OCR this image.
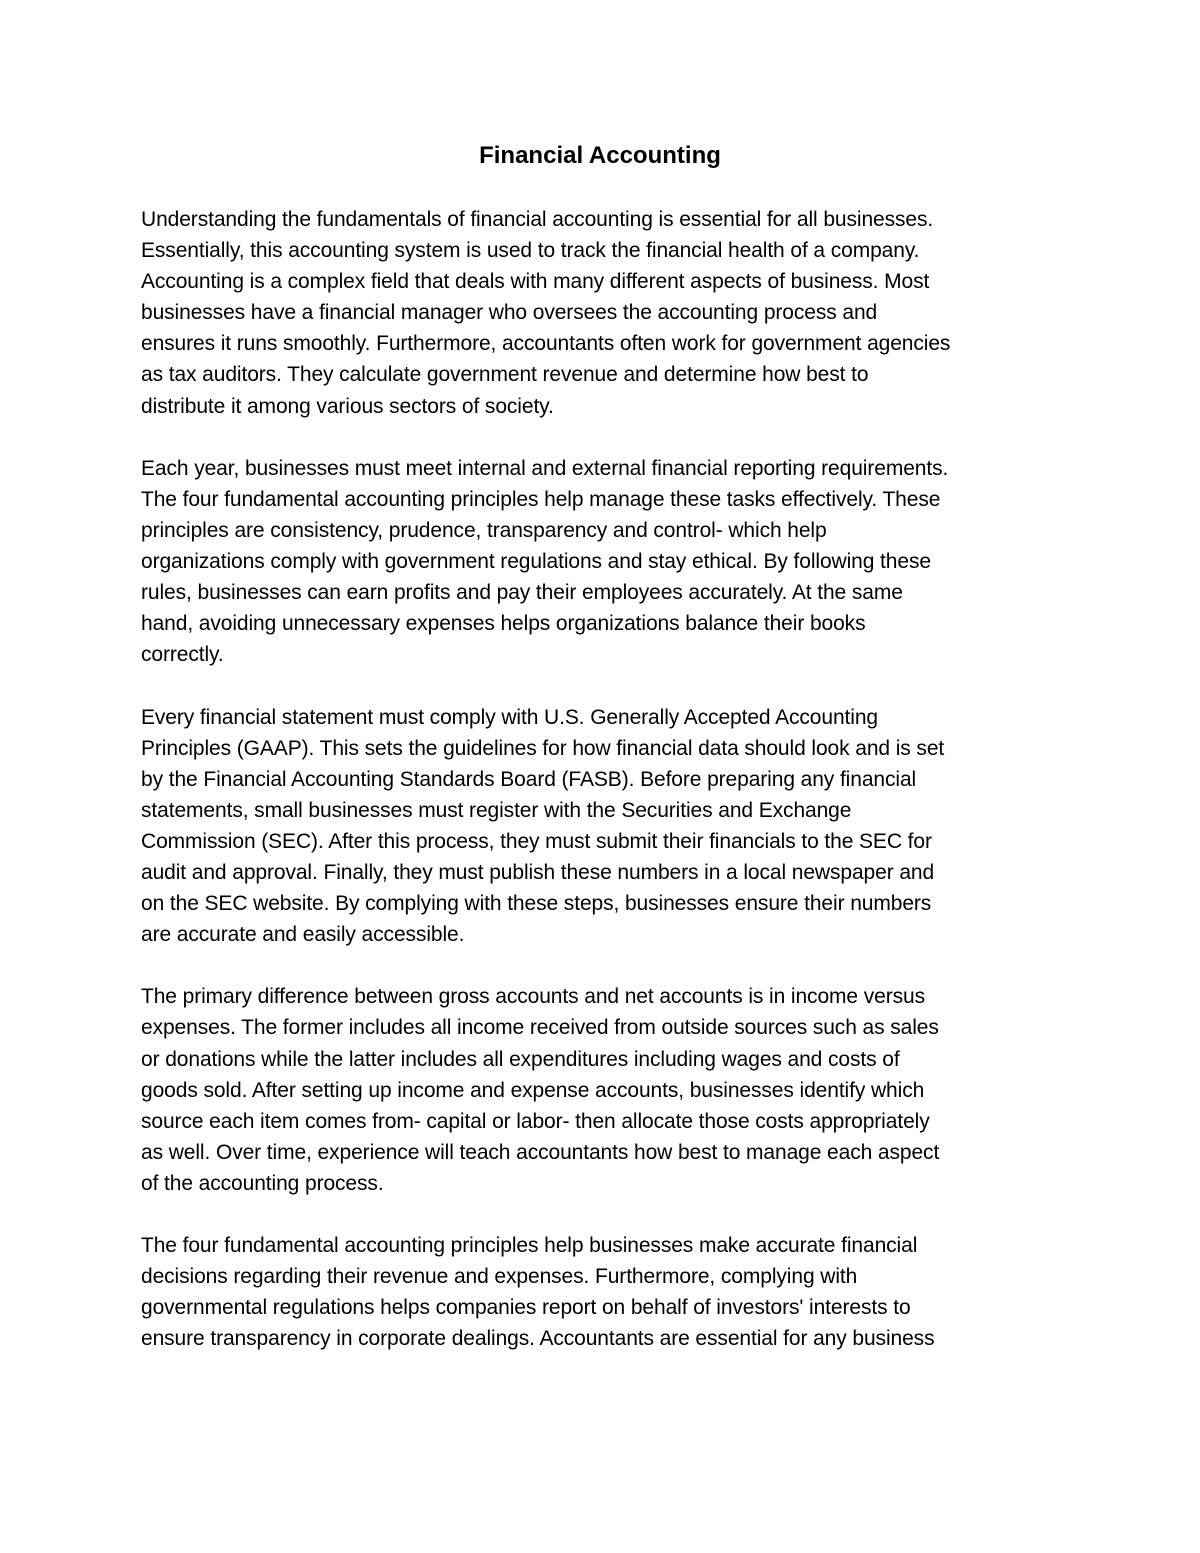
Financial Accounting

Understanding the fundamentals of financial accounting is essential for all businesses.
Essentially, this accounting system is used to track the financial health of a company.
Accounting is a complex field that deals with many different aspects of business. Most
businesses have a financial manager who oversees the accounting process and
ensures it runs smoothly. Furthermore, accountants often work for government agencies
as tax auditors. They calculate government revenue and determine how best to
distribute it among various sectors of society.

Each year, businesses must meet internal and external financial reporting requirements.
The four fundamental accounting principles help manage these tasks effectively. These
principles are consistency, prudence, transparency and control- which help
organizations comply with government regulations and stay ethical. By following these
rules, businesses can earn profits and pay their employees accurately. At the same
hand, avoiding unnecessary expenses helps organizations balance their books
correctly.

Every financial statement must comply with U.S. Generally Accepted Accounting
Principles (GAAP). This sets the guidelines for how financial data should look and is set
by the Financial Accounting Standards Board (FASB). Before preparing any financial
statements, small businesses must register with the Securities and Exchange
Commission (SEC). After this process, they must submit their financials to the SEC for
audit and approval. Finally, they must publish these numbers in a local newspaper and
on the SEC website. By complying with these steps, businesses ensure their numbers
are accurate and easily accessible.

The primary difference between gross accounts and net accounts is in income versus
expenses. The former includes all income received from outside sources such as sales
or donations while the latter includes all expenditures including wages and costs of
goods sold. After setting up income and expense accounts, businesses identify which
source each item comes from- capital or labor- then allocate those costs appropriately
as well. Over time, experience will teach accountants how best to manage each aspect
of the accounting process.

The four fundamental accounting principles help businesses make accurate financial
decisions regarding their revenue and expenses. Furthermore, complying with
governmental regulations helps companies report on behalf of investors' interests to
ensure transparency in corporate dealings. Accountants are essential for any business
